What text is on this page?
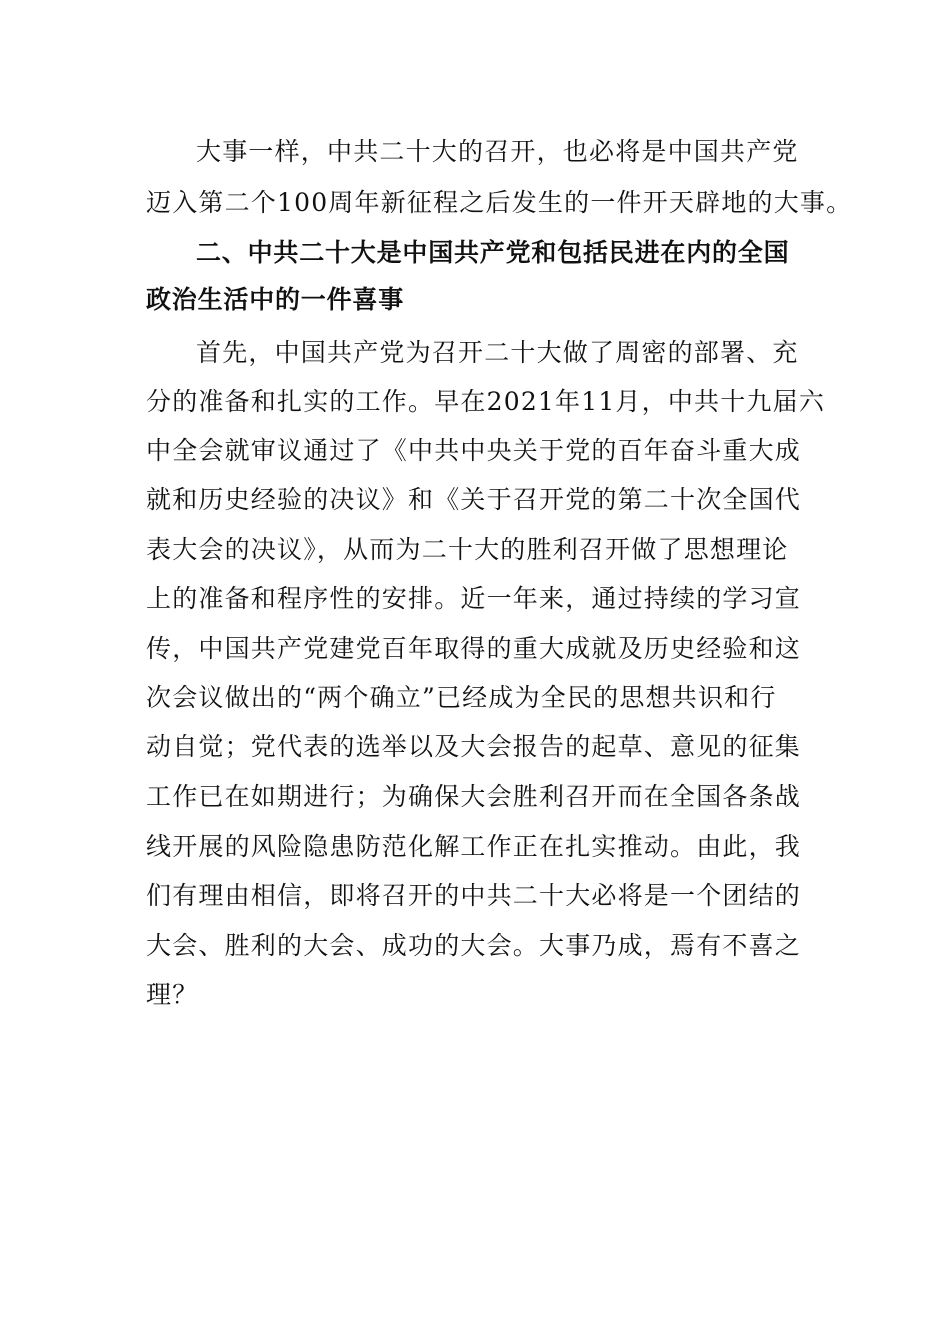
大事一样，中共二十大的召开，也必将是中国共产党
迈入第二个100周年新征程之后发生的一件开天辟地的大事。
二、中共二十大是中国共产党和包括民进在内的全国
政治生活中的一件喜事
首先，中国共产党为召开二十大做了周密的部署、充
分的准备和扎实的工作。早在2021年11月，中共十九届六
中全会就审议通过了《中共中央关于党的百年奋斗重大成
就和历史经验的决议》和《关于召开党的第二十次全国代
表大会的决议》，从而为二十大的胜利召开做了思想理论
上的准备和程序性的安排。近一年来，通过持续的学习宣
传，中国共产党建党百年取得的重大成就及历史经验和这
次会议做出的“两个确立”已经成为全民的思想共识和行
动自觉；党代表的选举以及大会报告的起草、意见的征集
工作已在如期进行；为确保大会胜利召开而在全国各条战
线开展的风险隐患防范化解工作正在扎实推动。由此，我
们有理由相信，即将召开的中共二十大必将是一个团结的
大会、胜利的大会、成功的大会。大事乃成，焉有不喜之
理？
